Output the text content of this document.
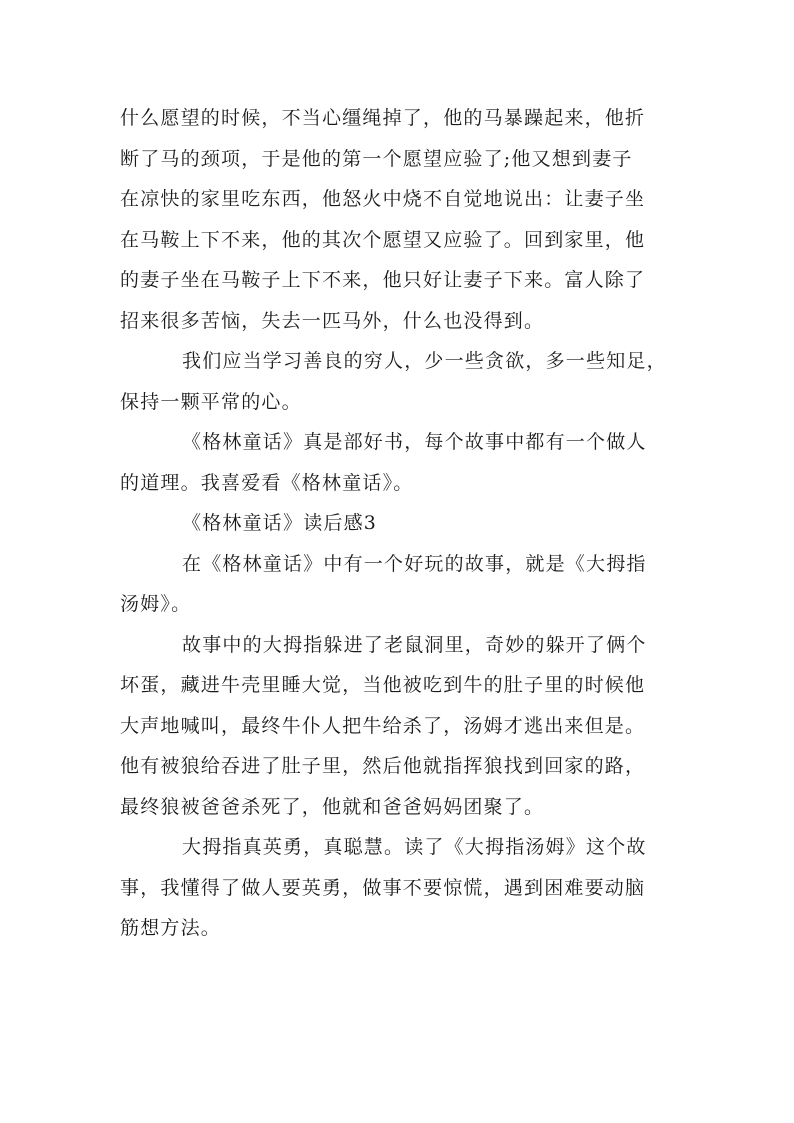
什么愿望的时候，不当心缰绳掉了，他的马暴躁起来，他折
断了马的颈项，于是他的第一个愿望应验了;他又想到妻子
在凉快的家里吃东西，他怒火中烧不自觉地说出：让妻子坐
在马鞍上下不来，他的其次个愿望又应验了。回到家里，他
的妻子坐在马鞍子上下不来，他只好让妻子下来。富人除了
招来很多苦恼，失去一匹马外，什么也没得到。
我们应当学习善良的穷人，少一些贪欲，多一些知足，
保持一颗平常的心。
《格林童话》真是部好书，每个故事中都有一个做人
的道理。我喜爱看《格林童话》。
《格林童话》读后感3
在《格林童话》中有一个好玩的故事，就是《大拇指
汤姆》。
故事中的大拇指躲进了老鼠洞里，奇妙的躲开了俩个
坏蛋，藏进牛壳里睡大觉，当他被吃到牛的肚子里的时候他
大声地喊叫，最终牛仆人把牛给杀了，汤姆才逃出来但是。
他有被狼给吞进了肚子里，然后他就指挥狼找到回家的路，
最终狼被爸爸杀死了，他就和爸爸妈妈团聚了。
大拇指真英勇，真聪慧。读了《大拇指汤姆》这个故
事，我懂得了做人要英勇，做事不要惊慌，遇到困难要动脑
筋想方法。
